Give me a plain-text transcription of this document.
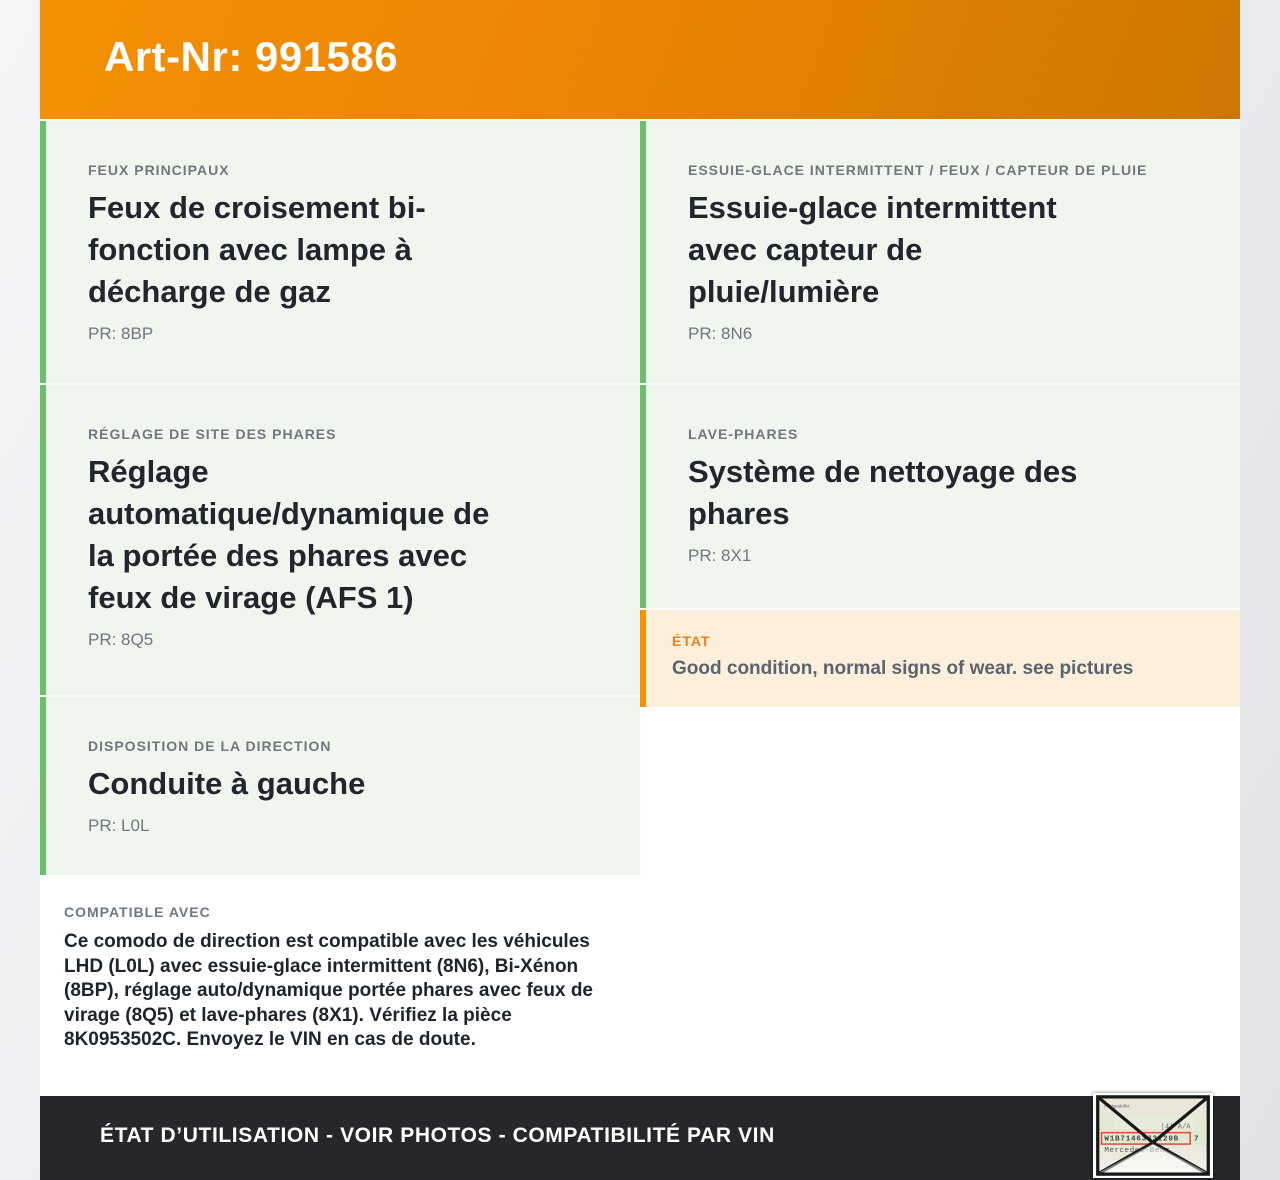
Art-Nr: 991586
FEUX PRINCIPAUX
Feux de croisement bi-fonction avec lampe à décharge de gaz
PR: 8BP
RÉGLAGE DE SITE DES PHARES
Réglage automatique/dynamique de la portée des phares avec feux de virage (AFS 1)
PR: 8Q5
DISPOSITION DE LA DIRECTION
Conduite à gauche
PR: L0L
COMPATIBLE AVEC
Ce comodo de direction est compatible avec les véhicules LHD (L0L) avec essuie-glace intermittent (8N6), Bi-Xénon (8BP), réglage auto/dynamique portée phares avec feux de virage (8Q5) et lave-phares (8X1). Vérifiez la pièce 8K0953502C. Envoyez le VIN en cas de doute.
ESSUIE-GLACE INTERMITTENT / FEUX / CAPTEUR DE PLUIE
Essuie-glace intermittent avec capteur de pluie/lumière
PR: 8N6
LAVE-PHARES
Système de nettoyage des phares
PR: 8X1
ÉTAT
Good condition, normal signs of wear. see pictures
ÉTAT D’UTILISATION - VOIR PHOTOS - COMPATIBILITÉ PAR VIN
